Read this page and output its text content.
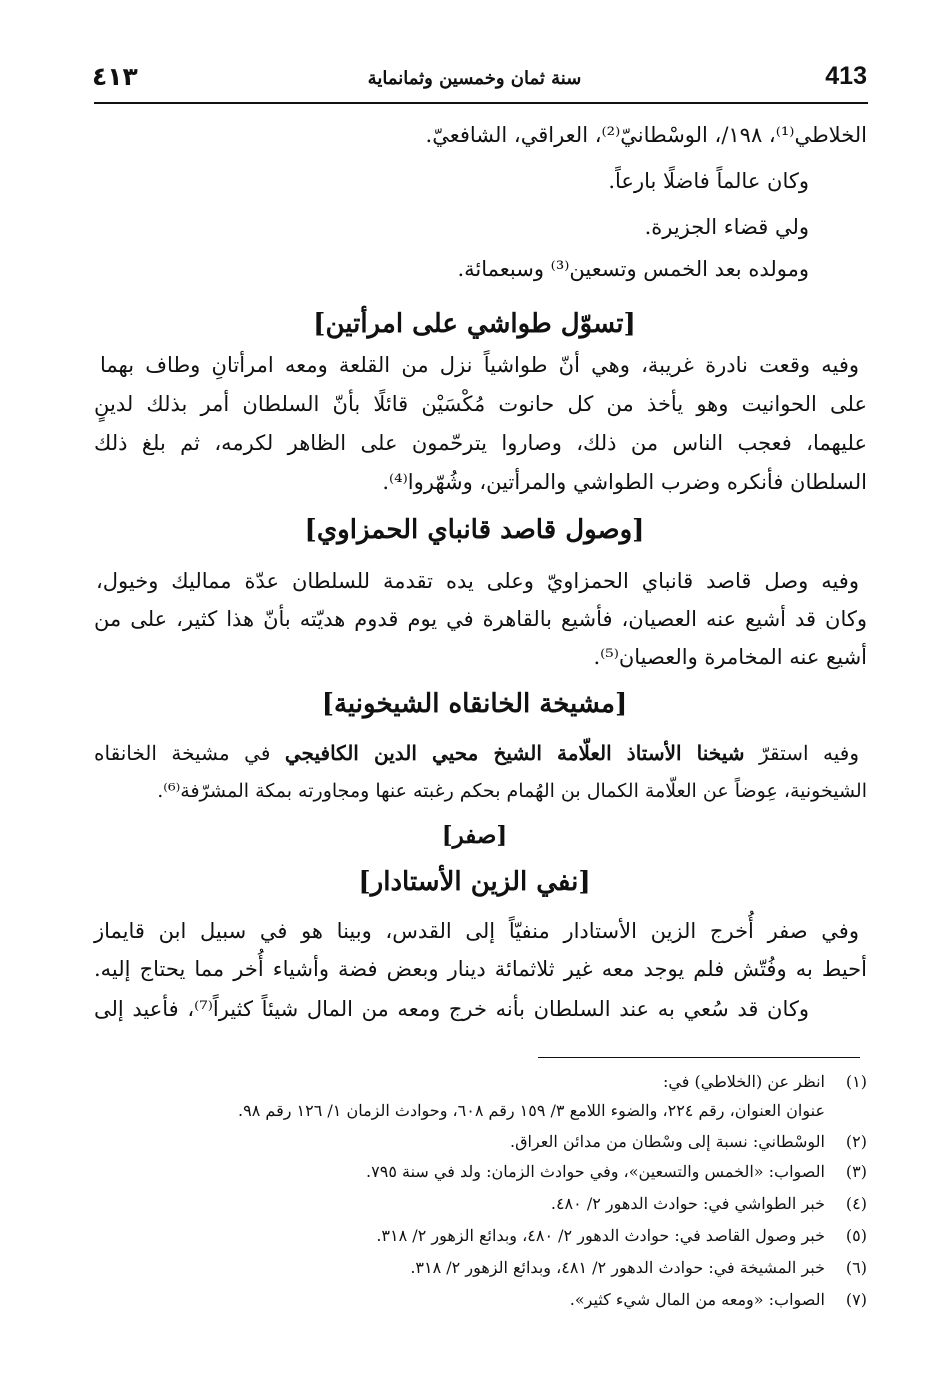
٤١٣	سنة ثمان وخمسين وثمانماية	413
الخلاطي⁽¹⁾، ١٩٨/، الوسْطانيّ⁽²⁾، العراقي، الشافعيّ.
وكان عالماً فاضلًا بارعاً.
ولي قضاء الجزيرة.
ومولده بعد الخمس وتسعين⁽³⁾ وسبعمائة.
[تسوّل طواشي على امرأتين]
وفيه وقعت نادرة غريبة، وهي أنّ طواشياً نزل من القلعة ومعه امرأتانِ وطاف بهما
على الحوانيت وهو يأخذ من كل حانوت مُكْسَيْن قائلًا بأنّ السلطان أمر بذلك لدينٍ
عليهما، فعجب الناس من ذلك، وصاروا يترحّمون على الظاهر لكرمه، ثم بلغ ذلك
السلطان فأنكره وضرب الطواشي والمرأتين، وشُهّروا⁽⁴⁾.
[وصول قاصد قانباي الحمزاوي]
وفيه وصل قاصد قانباي الحمزاويّ وعلى يده تقدمة للسلطان عدّة مماليك وخيول،
وكان قد أشيع عنه العصيان، فأشيع بالقاهرة في يوم قدوم هديّته بأنّ هذا كثير، على من
أشيع عنه المخامرة والعصيان⁽⁵⁾.
[مشيخة الخانقاه الشيخونية]
وفيه استقرّ شيخنا الأستاذ العلّامة الشيخ محيي الدين الكافيجي في مشيخة الخانقاه
الشيخونية، عِوضاً عن العلّامة الكمال بن الهُمام بحكم رغبته عنها ومجاورته بمكة المشرّفة⁽⁶⁾.
[صفر]
[نفي الزين الأستادار]
وفي صفر أُخرج الزين الأستادار منفيّاً إلى القدس، وبينا هو في سبيل ابن قايماز
أحيط به وفُتّش فلم يوجد معه غير ثلاثمائة دينار وبعض فضة وأشياء أُخر مما يحتاج إليه.
وكان قد سُعي به عند السلطان بأنه خرج ومعه من المال شيئاً كثيراً⁽⁷⁾، فأعيد إلى
(١)انظر عن (الخلاطي) في:
عنوان العنوان، رقم ٢٢٤، والضوء اللامع ٣/ ١٥٩ رقم ٦٠٨، وحوادث الزمان ١/ ١٢٦ رقم ٩٨.
(٢)الوسْطاني: نسبة إلى وسْطان من مدائن العراق.
(٣)الصواب: «الخمس والتسعين»، وفي حوادث الزمان: ولد في سنة ٧٩٥.
(٤)خبر الطواشي في: حوادث الدهور ٢/ ٤٨٠.
(٥)خبر وصول القاصد في: حوادث الدهور ٢/ ٤٨٠، وبدائع الزهور ٢/ ٣١٨.
(٦)خبر المشيخة في: حوادث الدهور ٢/ ٤٨١، وبدائع الزهور ٢/ ٣١٨.
(٧)الصواب: «ومعه من المال شيء كثير».
